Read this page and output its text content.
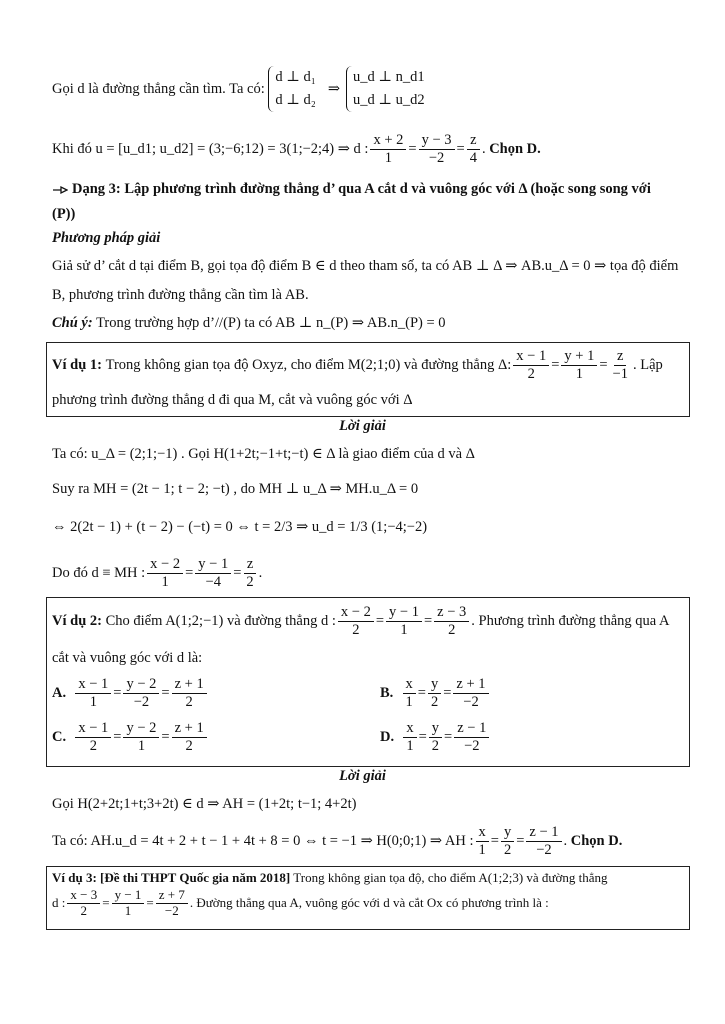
Gọi d là đường thẳng cần tìm. Ta có:

d ⊥ d₁
d ⊥ d₂
⇒
u_d ⊥ n_d1
u_d ⊥ u_d2
Khi đó u = [u_d1; u_d2] = (3;−6;12) = 3(1;−2;4) ⇒ d : $\frac{x + 2}{1} = \frac{y - 3}{-2} = \frac{z}{4}$ . Chọn D.
Dạng 3: Lập phương trình đường thẳng d’ qua A cắt d và vuông góc với Δ (hoặc song song với
(P))
Phương pháp giải
Giả sử d’ cắt d tại điểm B, gọi tọa độ điểm B ∈ d theo tham số, ta có AB ⊥ Δ ⇒ AB.u_Δ = 0 ⇒ tọa độ điểm
B, phương trình đường thẳng cần tìm là AB.
Chú ý: Trong trường hợp d’//(P) ta có AB ⊥ n_(P) ⇒ AB.n_(P) = 0
Ví dụ 1:
Trong không gian tọa độ Oxyz, cho điểm M(2;1;0) và đường thẳng Δ: $\frac{x - 1}{2} = \frac{y + 1}{1} = \frac{z}{-1}$ . Lập
phương trình đường thẳng d đi qua M, cắt và vuông góc với Δ
Lời giải
Ta có: u_Δ = (2;1;−1) . Gọi H(1+2t;−1+t;−t) ∈ Δ là giao điểm của d và Δ
Suy ra MH = (2t − 1; t − 2; −t) , do MH ⊥ u_Δ ⇒ MH.u_Δ = 0
⇔ 2(2t − 1) + (t − 2) − (−t) = 0 ⇔ t = 2/3 ⇒ u_d = 1/3 (1;−4;−2)
Do đó d ≡ MH : $\frac{x - 2}{1} = \frac{y - 1}{-4} = \frac{z}{2}$ .
Ví dụ 2:
Cho điểm A(1;2;−1) và đường thẳng d : $\frac{x - 2}{2} = \frac{y - 1}{1} = \frac{z - 3}{2}$ . Phương trình đường thẳng qua A
cắt và vuông góc với d là:
A.
$\frac{x - 1}{1} = \frac{y - 2}{-2} = \frac{z + 1}{2}$	B.
$\frac{x}{1} = \frac{y}{2} = \frac{z + 1}{-2}$
C.
$\frac{x - 1}{2} = \frac{y - 2}{1} = \frac{z + 1}{2}$	D.
$\frac{x}{1} = \frac{y}{2} = \frac{z - 1}{-2}$
Lời giải
Gọi H(2+2t;1+t;3+2t) ∈ d ⇒ AH = (1+2t; t−1; 4+2t)
Ta có: AH.u_d = 4t + 2 + t − 1 + 4t + 8 = 0 ⇔ t = −1 ⇒ H(0;0;1) ⇒ AH : $\frac{x}{1} = \frac{y}{2} = \frac{z - 1}{-2}$ . Chọn D.
Ví dụ 3: [Đề thi THPT Quốc gia năm 2018] Trong không gian tọa độ, cho điểm A(1;2;3) và đường thẳng
d : $\frac{x - 3}{2} = \frac{y - 1}{1} = \frac{z + 7}{-2}$ . Đường thẳng qua A, vuông góc với d và cắt Ox có phương trình là :
